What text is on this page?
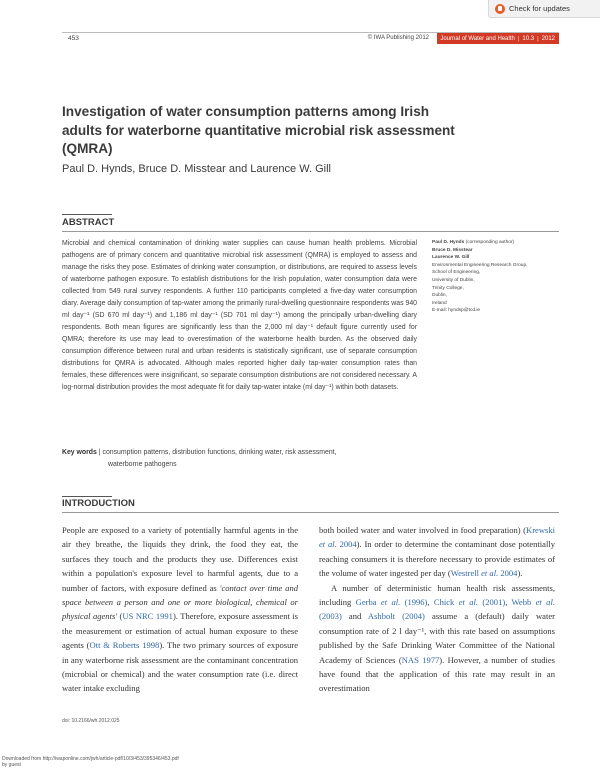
Check for updates
453	© IWA Publishing 2012 Journal of Water and Health | 10.3 | 2012
Investigation of water consumption patterns among Irish adults for waterborne quantitative microbial risk assessment (QMRA)
Paul D. Hynds, Bruce D. Misstear and Laurence W. Gill
ABSTRACT
Microbial and chemical contamination of drinking water supplies can cause human health problems. Microbial pathogens are of primary concern and quantitative microbial risk assessment (QMRA) is employed to assess and manage the risks they pose. Estimates of drinking water consumption, or distributions, are required to assess levels of waterborne pathogen exposure. To establish distributions for the Irish population, water consumption data were collected from 549 rural survey respondents. A further 110 participants completed a five-day water consumption diary. Average daily consumption of tap-water among the primarily rural-dwelling questionnaire respondents was 940 ml day⁻¹ (SD 670 ml day⁻¹) and 1,186 ml day⁻¹ (SD 701 ml day⁻¹) among the principally urban-dwelling diary respondents. Both mean figures are significantly less than the 2,000 ml day⁻¹ default figure currently used for QMRA; therefore its use may lead to overestimation of the waterborne health burden. As the observed daily consumption difference between rural and urban residents is statistically significant, use of separate consumption distributions for QMRA is advocated. Although males reported higher daily tap-water consumption rates than females, these differences were insignificant, so separate consumption distributions are not considered necessary. A log-normal distribution provides the most adequate fit for daily tap-water intake (ml day⁻¹) within both datasets.
Key words | consumption patterns, distribution functions, drinking water, risk assessment,
waterborne pathogens
Paul D. Hynds (corresponding author)
Bruce D. Misstear
Laurence W. Gill
Environmental Engineering Research Group,
School of Engineering,
University of Dublin,
Trinity College,
Dublin,
Ireland
E-mail: hyndsp@tcd.ie
INTRODUCTION

People are exposed to a variety of potentially harmful agents in the air they breathe, the liquids they drink, the food they eat, the surfaces they touch and the products they use. Differences exist within a population's exposure level to harmful agents, due to a number of factors, with exposure defined as 'contact over time and space between a person and one or more biological, chemical or physical agents' (US NRC 1991). Therefore, exposure assessment is the measurement or estimation of actual human exposure to these agents (Ott & Roberts 1998). The two primary sources of exposure in any waterborne risk assessment are the contaminant concentration (microbial or chemical) and the water consumption rate (i.e. direct water intake excluding

both boiled water and water involved in food preparation) (Krewski et al. 2004). In order to determine the contaminant dose potentially reaching consumers it is therefore necessary to provide estimates of the volume of water ingested per day (Westrell et al. 2004).

A number of deterministic human health risk assessments, including Gerba et al. (1996), Chick et al. (2001), Webb et al. (2003) and Ashbolt (2004) assume a (default) daily water consumption rate of 2 l day⁻¹, with this rate based on assumptions published by the Safe Drinking Water Committee of the National Academy of Sciences (NAS 1977). However, a number of studies have found that the application of this rate may result in an overestimation

doi: 10.2166/wh.2012.025
Downloaded from http://iwaponline.com/jwh/article-pdf/10/3/453/395346/453.pdf
by guest
